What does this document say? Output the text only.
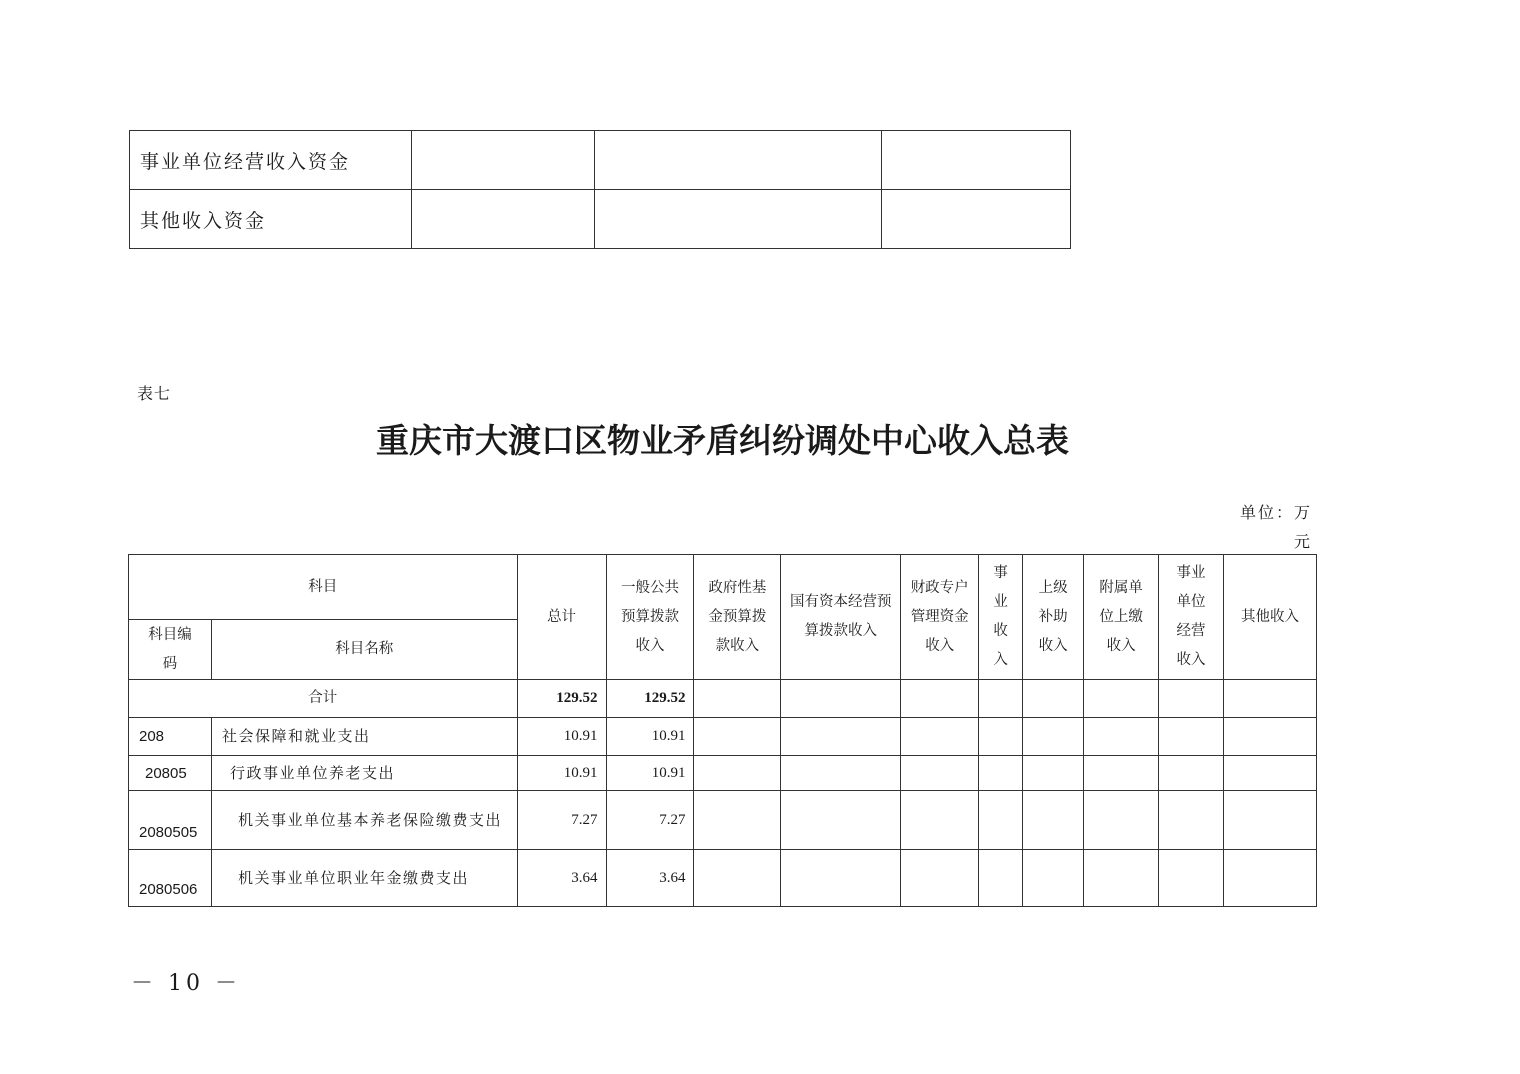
事业单位经营收入资金			
其他收入资金			
表七
重庆市大渡口区物业矛盾纠纷调处中心收入总表
单位：万
元
科目		总计	一般公共预算拨款收入	政府性基金预算拨款收入	国有资本经营预算拨款收入	财政专户管理资金收入	事业收入	上级补助收入	附属单位上缴收入	事业单位经营收入	其他收入
科目编码	科目名称										
合计		129.52	129.52								
208	社会保障和就业支出	10.91	10.91								
20805	行政事业单位养老支出	10.91	10.91								
2080505	机关事业单位基本养老保险缴费支出	7.27	7.27								
2080506	机关事业单位职业年金缴费支出	3.64	3.64								
－ 10 －
